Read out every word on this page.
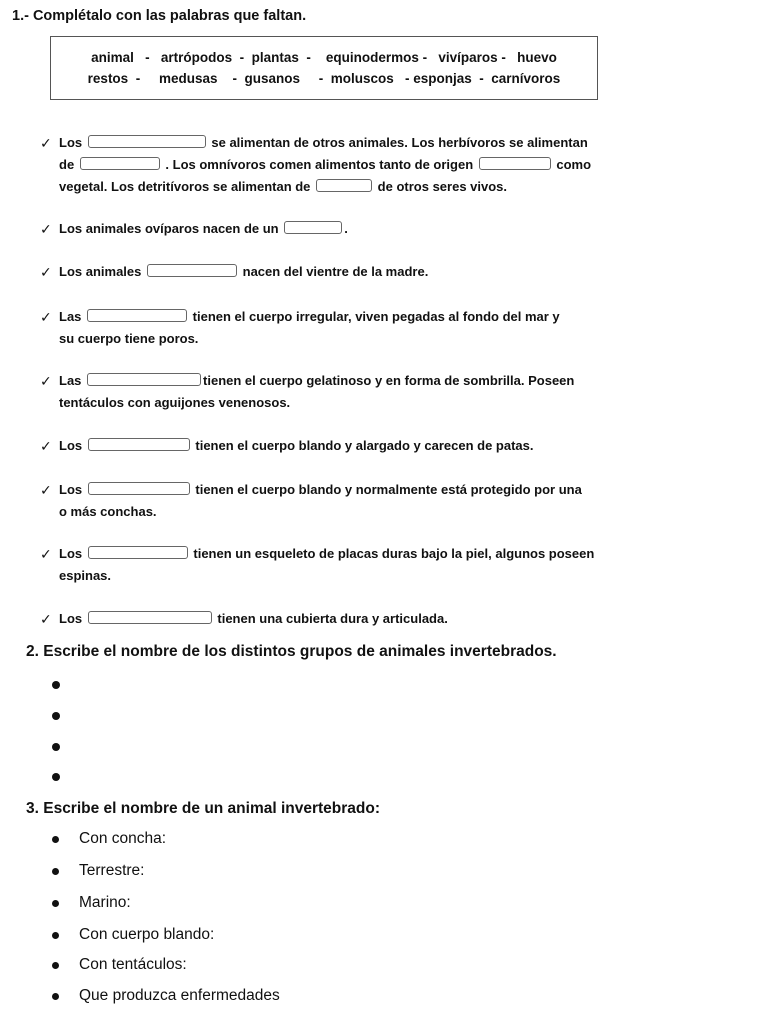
1.- Complétalo con las palabras que faltan.
animal   -   artrópodos  -  plantas  -    equinodermos -   vivíparos -   huevo
restos  -     medusas    -  gusanos     -  moluscos   - esponjas  -  carnívoros
✓ Los	se alimentan de otros animales. Los herbívoros se alimentan
de	. Los omnívoros comen alimentos tanto de origen	como
vegetal. Los detritívoros se alimentan de	de otros seres vivos.
✓ Los animales ovíparos nacen de un	.
✓ Los animales	nacen del vientre de la madre.
✓ Las	tienen el cuerpo irregular, viven pegadas al fondo del mar y
su cuerpo tiene poros.
✓ Las	tienen el cuerpo gelatinoso y en forma de sombrilla. Poseen
tentáculos con aguijones venenosos.
✓ Los	tienen el cuerpo blando y alargado y carecen de patas.
✓ Los	tienen el cuerpo blando y normalmente está protegido por una
o más conchas.
✓ Los	tienen un esqueleto de placas duras bajo la piel, algunos poseen
espinas.
✓ Los	tienen una cubierta dura y articulada.
2. Escribe el nombre de los distintos grupos de animales invertebrados.
3. Escribe el nombre de un animal invertebrado:
Con concha:
Terrestre:
Marino:
Con cuerpo blando:
Con tentáculos:
Que produzca enfermedades
